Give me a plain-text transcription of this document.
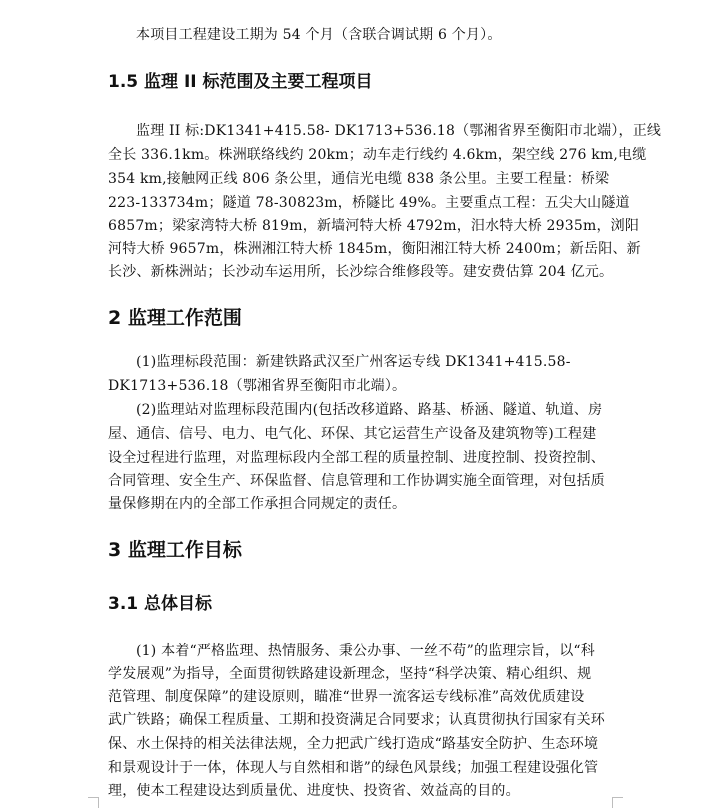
本项目工程建设工期为 54 个月（含联合调试期 6 个月）。
1.5 监理 II 标范围及主要工程项目
监理 II 标:DK1341+415.58- DK1713+536.18（鄂湘省界至衡阳市北端），正线
全长 336.1km。株洲联络线约 20km；动车走行线约 4.6km，架空线 276 km,电缆
354 km,接触网正线 806 条公里，通信光电缆 838 条公里。主要工程量：桥梁
223-133734m；隧道 78-30823m，桥隧比 49%。主要重点工程：五尖大山隧道
6857m；梁家湾特大桥 819m，新墙河特大桥 4792m，汨水特大桥 2935m，浏阳
河特大桥 9657m，株洲湘江特大桥 1845m，衡阳湘江特大桥 2400m；新岳阳、新
长沙、新株洲站；长沙动车运用所，长沙综合维修段等。建安费估算 204 亿元。
2 监理工作范围
(1)监理标段范围：新建铁路武汉至广州客运专线 DK1341+415.58-
DK1713+536.18（鄂湘省界至衡阳市北端）。
(2)监理站对监理标段范围内(包括改移道路、路基、桥涵、隧道、轨道、房
屋、通信、信号、电力、电气化、环保、其它运营生产设备及建筑物等)工程建
设全过程进行监理，对监理标段内全部工程的质量控制、进度控制、投资控制、
合同管理、安全生产、环保监督、信息管理和工作协调实施全面管理，对包括质
量保修期在内的全部工作承担合同规定的责任。
3 监理工作目标
3.1 总体目标
(1) 本着“严格监理、热情服务、秉公办事、一丝不苟”的监理宗旨，以“科
学发展观”为指导，全面贯彻铁路建设新理念，坚持“科学决策、精心组织、规
范管理、制度保障”的建设原则，瞄准“世界一流客运专线标准”高效优质建设
武广铁路；确保工程质量、工期和投资满足合同要求；认真贯彻执行国家有关环
保、水土保持的相关法律法规，全力把武广线打造成“路基安全防护、生态环境
和景观设计于一体，体现人与自然相和谐”的绿色风景线；加强工程建设强化管
理，使本工程建设达到质量优、进度快、投资省、效益高的目的。
